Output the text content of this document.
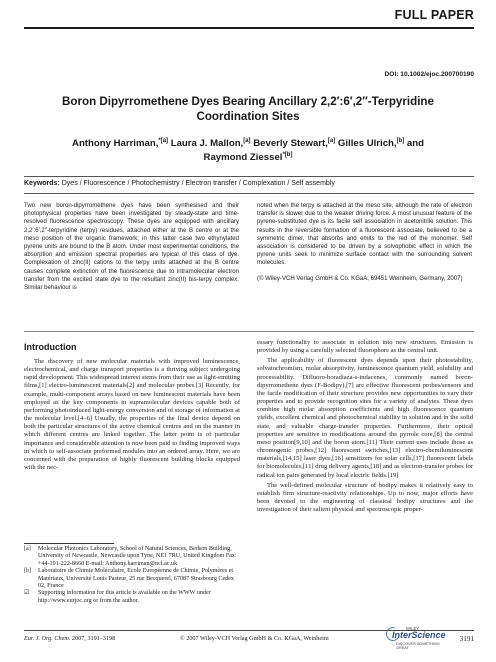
FULL PAPER
DOI: 10.1002/ejoc.200700190
Boron Dipyrromethene Dyes Bearing Ancillary 2,2′:6′,2′′-Terpyridine
Coordination Sites
Anthony Harriman,$^{*[a]}$ Laura J. Mallon,[a] Beverly Stewart,[a] Gilles Ulrich,[b] and
Raymond Ziessel$^{*[b]}$
Keywords: Dyes / Fluorescence / Photochemistry / Electron transfer / Complexation / Self assembly
Two new boron-dipyrromethene dyes have been synthesised and their photophysical properties have been investigated by steady-state and time-resolved fluorescence spectroscopy. These dyes are equipped with ancillary 2,2′:6′,2′′-terpyridine (terpy) residues, attached either at the B centre or at the meso position of the organic framework; in this latter case two ethynylated pyrene units are bound to the B atom. Under most experimental conditions, the absorption and emission spectral properties are typical of this class of dye. Complexation of zinc(II) cations to the terpy units attached at the B centre causes complete extinction of the fluorescence due to intramolecular electron transfer from the excited state dye to the resultant zinc(II) bis-terpy complex. Similar behaviour is
noted when the terpy is attached at the meso site, although the rate of electron transfer is slower due to the weaker driving force. A most unusual feature of the pyrene-substituted dye is its facile self association in acetonitrile solution. This results in the reversible formation of a fluorescent associate, believed to be a symmetric dimer, that absorbs and emits to the red of the monomer. Self association is considered to be driven by a solvophobic effect in which the pyrene units seek to minimize surface contact with the surrounding solvent molecules.
(© Wiley-VCH Verlag GmbH & Co. KGaA, 69451 Weinheim, Germany, 2007)
Introduction

The discovery of new molecular materials with improved luminescence, electrochemical, and charge transport properties is a thriving subject undergoing rapid development. This widespread interest stems from their use as light-emitting films,[1] electro-luminescent materials[2] and molecular probes.[3] Recently, for example, multi-component arrays based on new luminescent materials have been employed as the key components in supramolecular devices capable both of performing photoinduced light-energy conversion and of storage of information at the molecular level.[4–6] Usually, the properties of the final device depend on both the particular structures of the active chemical centres and on the manner in which different centres are linked together. The latter point is of particular importance and considerable attention is now been paid to finding improved ways in which to self-associate preformed modules into an ordered array. Here, we are concerned with the preparation of highly fluorescent building blocks equipped with the nec-

[a]	Molecular Photonics Laboratory, School of Natural Sciences, Bedson Building, University of Newcastle, Newcastle upon Tyne, NE1 7RU, United Kingdom Fax: +44-191-222-8660 E-mail: Anthony.harriman@ncl.ac.uk
[b]	Laboratoire de Chimie Moléculaire, Ecole Européenne de Chimie, Polymères et Matériaux, Université Louis Pasteur, 25 rue Becquerel, 67087 Strasbourg Cedex 02, France
☑	Supporting information for this article is available on the WWW under http://www.eurjoc.org or from the author.

essary functionality to associate in solution into new structures. Emission is provided by using a carefully selected fluorophore as the central unit.

The applicability of fluorescent dyes depends upon their photostability, solvatochromism, molar absorptivity, luminescence quantum yield, solubility and processability. Difluoro-boradiaza-s-indacenes, commonly named boron-dipyrromethene dyes (F-Bodipy),[7] are effective fluorescent probes/sensors and the facile modification of their structure provides new opportunities to vary their properties and to provide recognition sites for a variety of analytes. These dyes combine high molar absorption coefficients and high fluorescence quantum yields, excellent chemical and photochemical stability in solution and in the solid state, and valuable charge-transfer properties. Furthermore, their optical properties are sensitive to modifications around the pyrrole core,[8] the central meso position[9,10] and the boron atom.[11] Their current uses include those as chromogenic probes,[12] fluorescent switches,[13] electro-chemiluminescent materials,[14,15] laser dyes,[16] sensitizers for solar cells,[17] fluorescent labels for biomolecules,[11] drug delivery agents,[18] and as electron-transfer probes for radical ion pairs generated by local electric fields.[19]

The well-defined molecular structure of bodipy makes it relatively easy to establish firm structure-reactivity relationships. Up to now, major efforts have been devoted to the engineering of classical bodipy structures and the investigation of their salient physical and spectroscopic proper-

Eur. J. Org. Chem. 2007, 3191–3198	© 2007 Wiley-VCH Verlag GmbH & Co. KGaA, Weinheim
WILEY
InterScience
DISCOVER SOMETHING GREAT
3191
